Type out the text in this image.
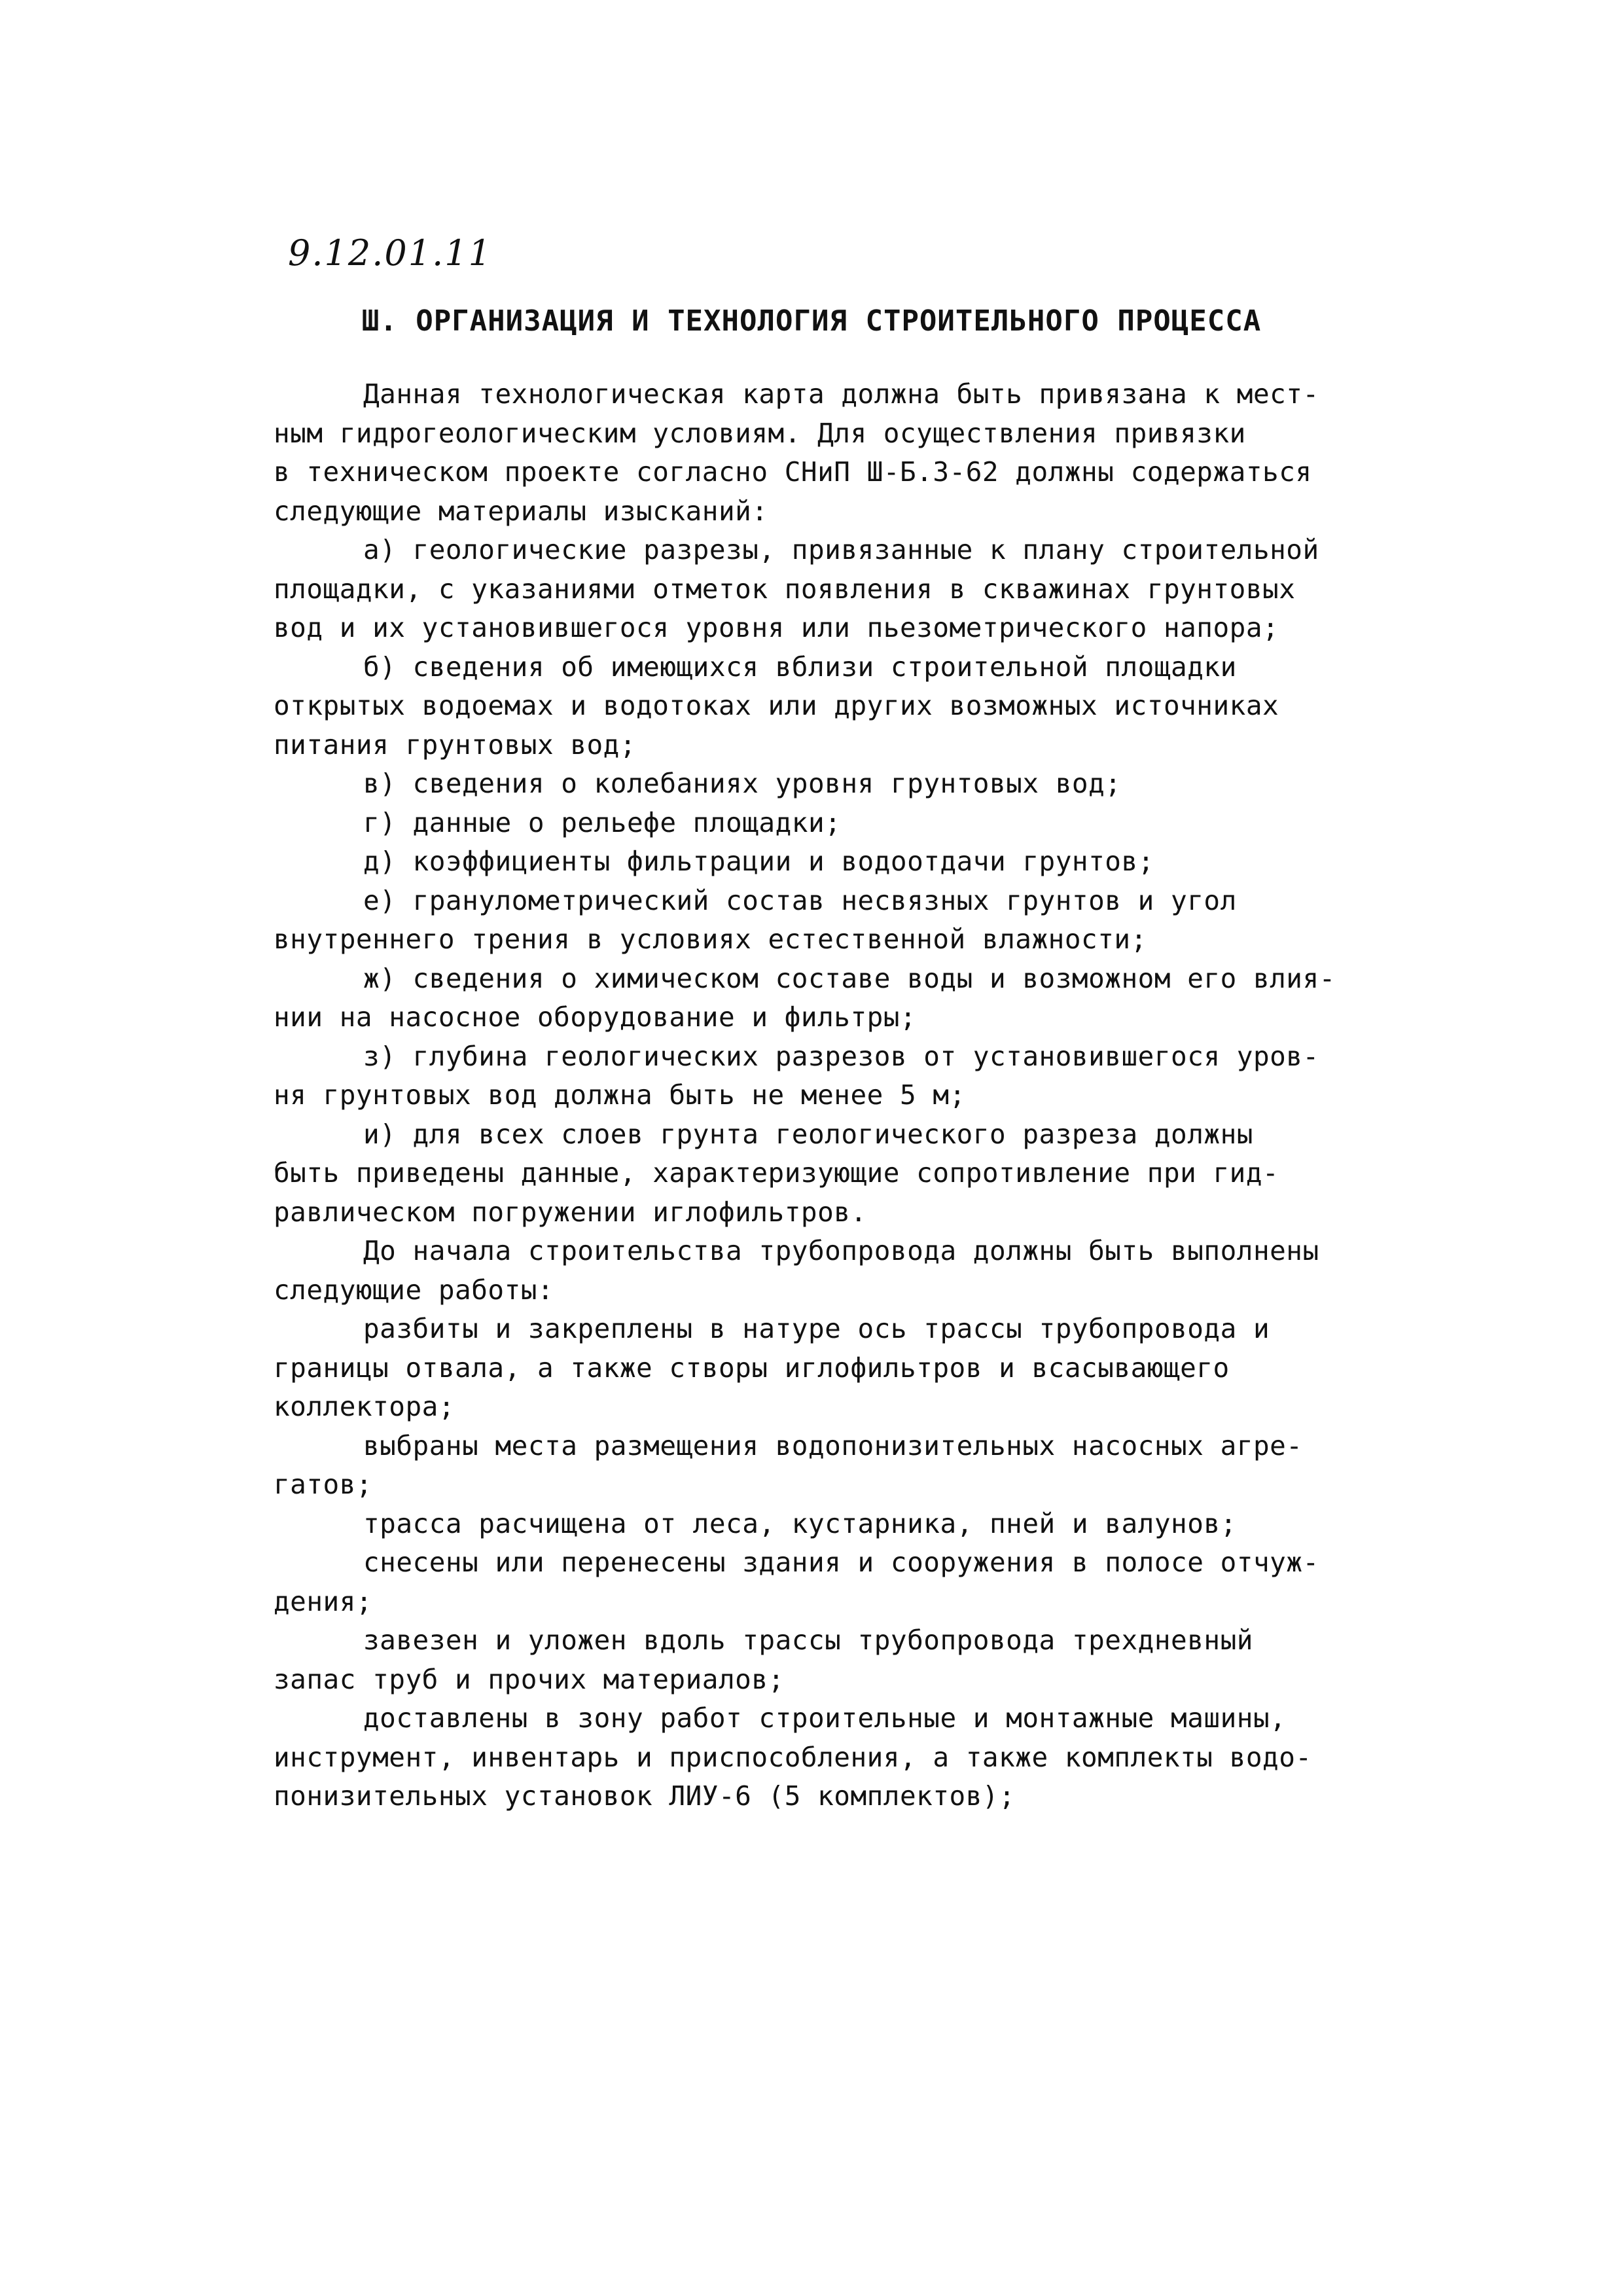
9.12.01.11
Ш. ОРГАНИЗАЦИЯ И ТЕХНОЛОГИЯ СТРОИТЕЛЬНОГО ПРОЦЕССА
Данная технологическая карта должна быть привязана к мест-
ным гидрогеологическим условиям. Для осуществления привязки
в техническом проекте согласно СНиП Ш-Б.3-62 должны содержаться
следующие материалы изысканий:
а) геологические разрезы, привязанные к плану строительной
площадки, с указаниями отметок появления в скважинах грунтовых
вод и их установившегося уровня или пьезометрического напора;
б) сведения об имеющихся вблизи строительной площадки
открытых водоемах и водотоках или других возможных источниках
питания грунтовых вод;
в) сведения о колебаниях уровня грунтовых вод;
г) данные о рельефе площадки;
д) коэффициенты фильтрации и водоотдачи грунтов;
е) гранулометрический состав несвязных грунтов и угол
внутреннего трения в условиях естественной влажности;
ж) сведения о химическом составе воды и возможном его влия-
нии на насосное оборудование и фильтры;
з) глубина геологических разрезов от установившегося уров-
ня грунтовых вод должна быть не менее 5 м;
и) для всех слоев грунта геологического разреза должны
быть приведены данные, характеризующие сопротивление при гид-
равлическом погружении иглофильтров.
До начала строительства трубопровода должны быть выполнены
следующие работы:
разбиты и закреплены в натуре ось трассы трубопровода и
границы отвала, а также створы иглофильтров и всасывающего
коллектора;
выбраны места размещения водопонизительных насосных агре-
гатов;
трасса расчищена от леса, кустарника, пней и валунов;
снесены или перенесены здания и сооружения в полосе отчуж-
дения;
завезен и уложен вдоль трассы трубопровода трехдневный
запас труб и прочих материалов;
доставлены в зону работ строительные и монтажные машины,
инструмент, инвентарь и приспособления, а также комплекты водо-
понизительных установок ЛИУ-6 (5 комплектов);
